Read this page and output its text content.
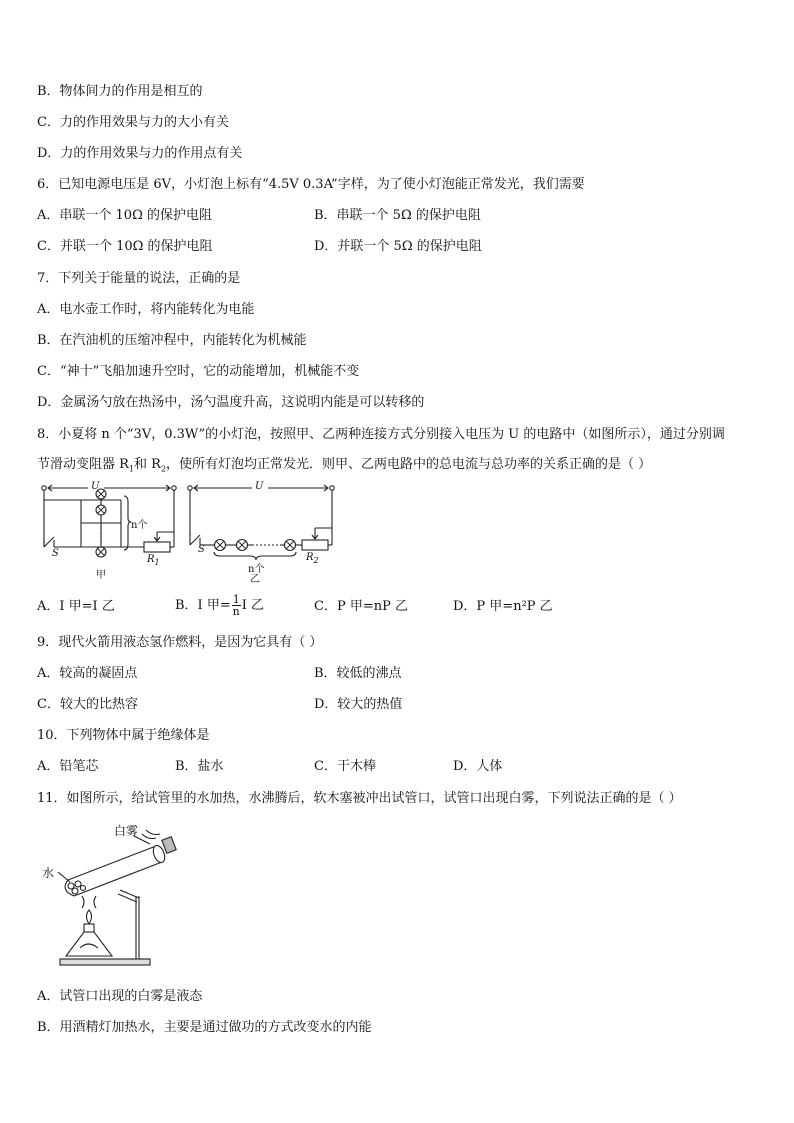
B．物体间力的作用是相互的
C．力的作用效果与力的大小有关
D．力的作用效果与力的作用点有关
6．已知电源电压是 6V，小灯泡上标有“4.5V 0.3A”字样，为了使小灯泡能正常发光，我们需要
A．串联一个 10Ω 的保护电阻	B．串联一个 5Ω 的保护电阻
C．并联一个 10Ω 的保护电阻	D．并联一个 5Ω 的保护电阻
7．下列关于能量的说法，正确的是
A．电水壶工作时，将内能转化为电能
B．在汽油机的压缩冲程中，内能转化为机械能
C．“神十”飞船加速升空时，它的动能增加，机械能不变
D．金属汤勺放在热汤中，汤勺温度升高，这说明内能是可以转移的
8．小夏将 n 个“3V，0.3W”的小灯泡，按照甲、乙两种连接方式分别接入电压为 U 的电路中（如图所示），通过分别调
节滑动变阻器 $R_1$和 $R_2$，使所有灯泡均正常发光．则甲、乙两电路中的总电流与总功率的关系正确的是（ ）
U
n个
S
$R_1$
甲
U
S
$R_2$
n个
乙
A．I 甲=I 乙	B．I 甲= $\frac{1}{n}$ I 乙	C．P 甲=nP 乙	D．P 甲=n²P 乙
9．现代火箭用液态氢作燃料，是因为它具有（ ）
A．较高的凝固点	B．较低的沸点
C．较大的比热容	D．较大的热值
10．下列物体中属于绝缘体是
A．铅笔芯	B．盐水	C．干木棒	D．人体
11．如图所示，给试管里的水加热，水沸腾后，软木塞被冲出试管口，试管口出现白雾，下列说法正确的是（ ）
白雾
水
A．试管口出现的白雾是液态
B．用酒精灯加热水，主要是通过做功的方式改变水的内能
